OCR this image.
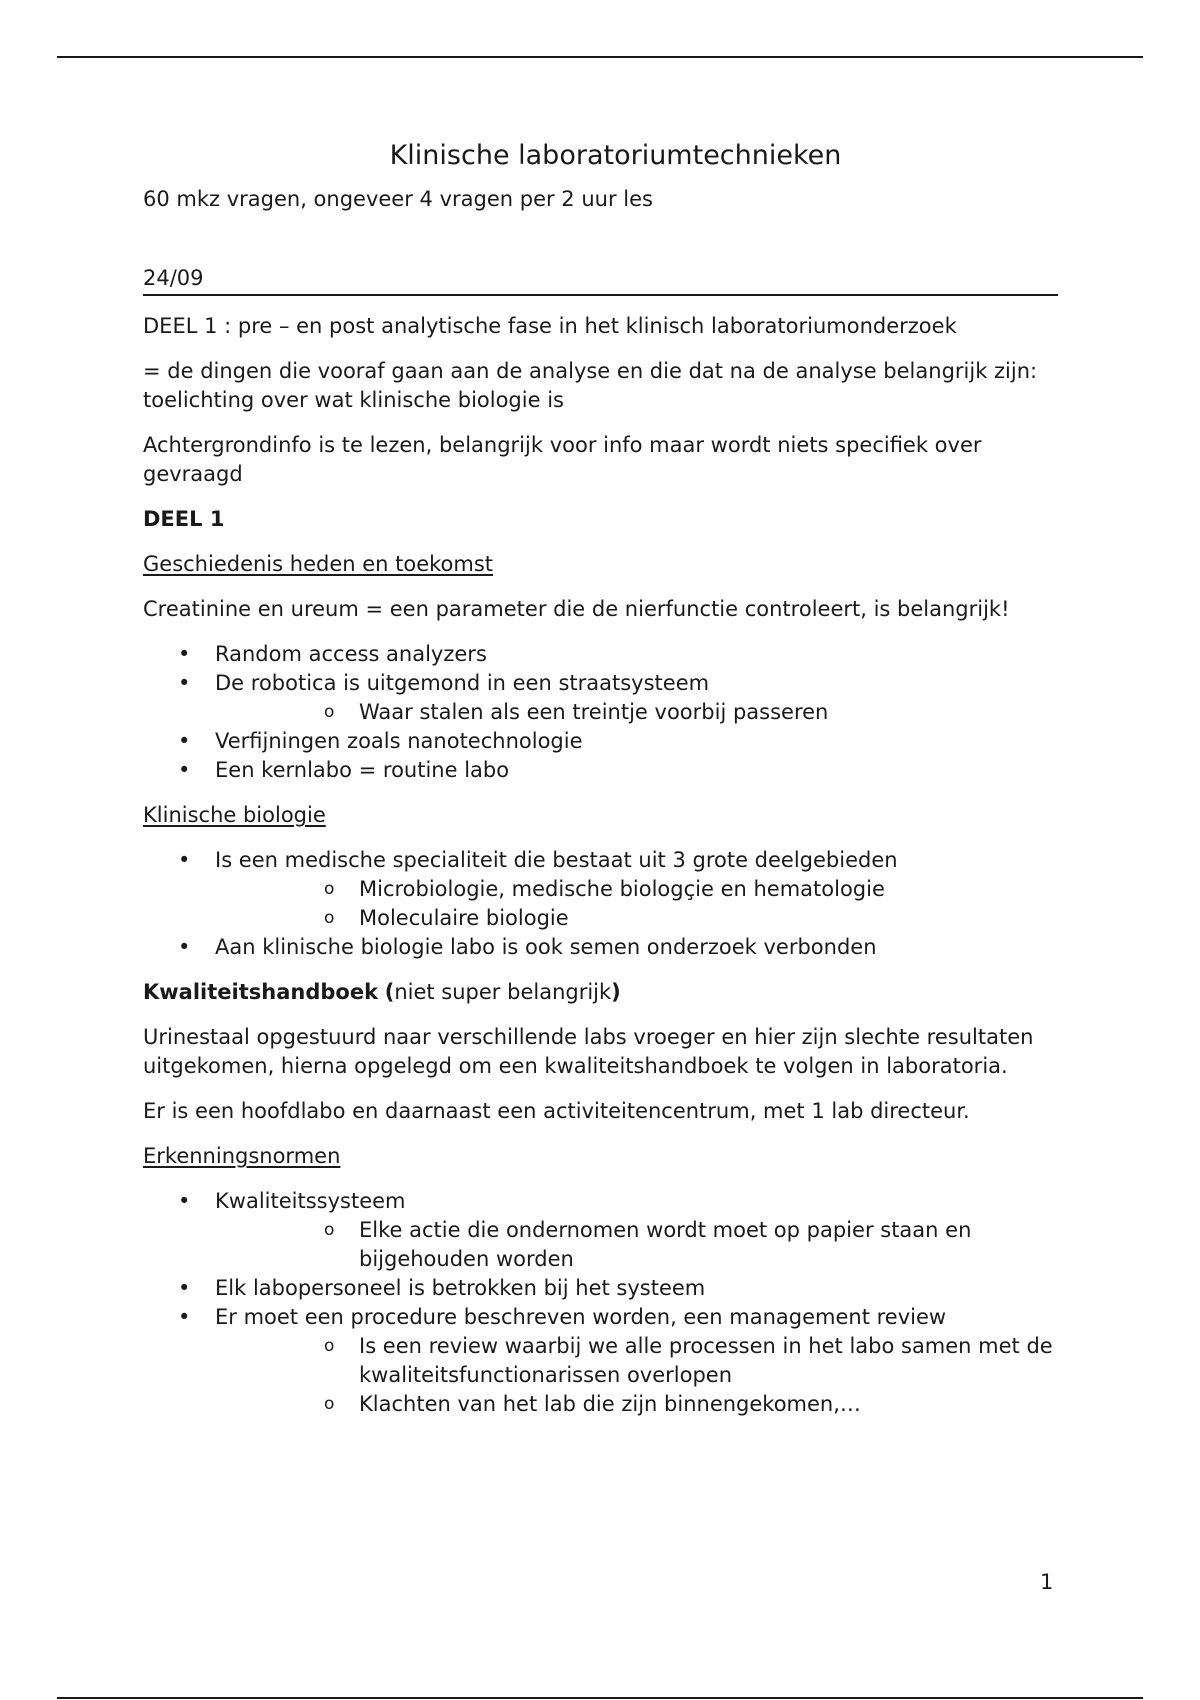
Klinische laboratoriumtechnieken

60 mkz vragen, ongeveer 4 vragen per 2 uur les

24/09

DEEL 1 : pre – en post analytische fase in het klinisch laboratoriumonderzoek

= de dingen die vooraf gaan aan de analyse en die dat na de analyse belangrijk zijn: toelichting over wat klinische biologie is

Achtergrondinfo is te lezen, belangrijk voor info maar wordt niets specifiek over gevraagd

DEEL 1

Geschiedenis heden en toekomst

Creatinine en ureum = een parameter die de nierfunctie controleert, is belangrijk!

• Random access analyzers
• De robotica is uitgemond in een straatsysteem
o Waar stalen als een treintje voorbij passeren
• Verfijningen zoals nanotechnologie
• Een kernlabo = routine labo

Klinische biologie

• Is een medische specialiteit die bestaat uit 3 grote deelgebieden
o Microbiologie, medische biologçie en hematologie
o Moleculaire biologie
• Aan klinische biologie labo is ook semen onderzoek verbonden

Kwaliteitshandboek (niet super belangrijk)

Urinestaal opgestuurd naar verschillende labs vroeger en hier zijn slechte resultaten uitgekomen, hierna opgelegd om een kwaliteitshandboek te volgen in laboratoria.

Er is een hoofdlabo en daarnaast een activiteitencentrum, met 1 lab directeur.

Erkenningsnormen

• Kwaliteitssysteem
o Elke actie die ondernomen wordt moet op papier staan en bijgehouden worden
• Elk labopersoneel is betrokken bij het systeem
• Er moet een procedure beschreven worden, een management review
o Is een review waarbij we alle processen in het labo samen met de kwaliteitsfunctionarissen overlopen
o Klachten van het lab die zijn binnengekomen,…
1
